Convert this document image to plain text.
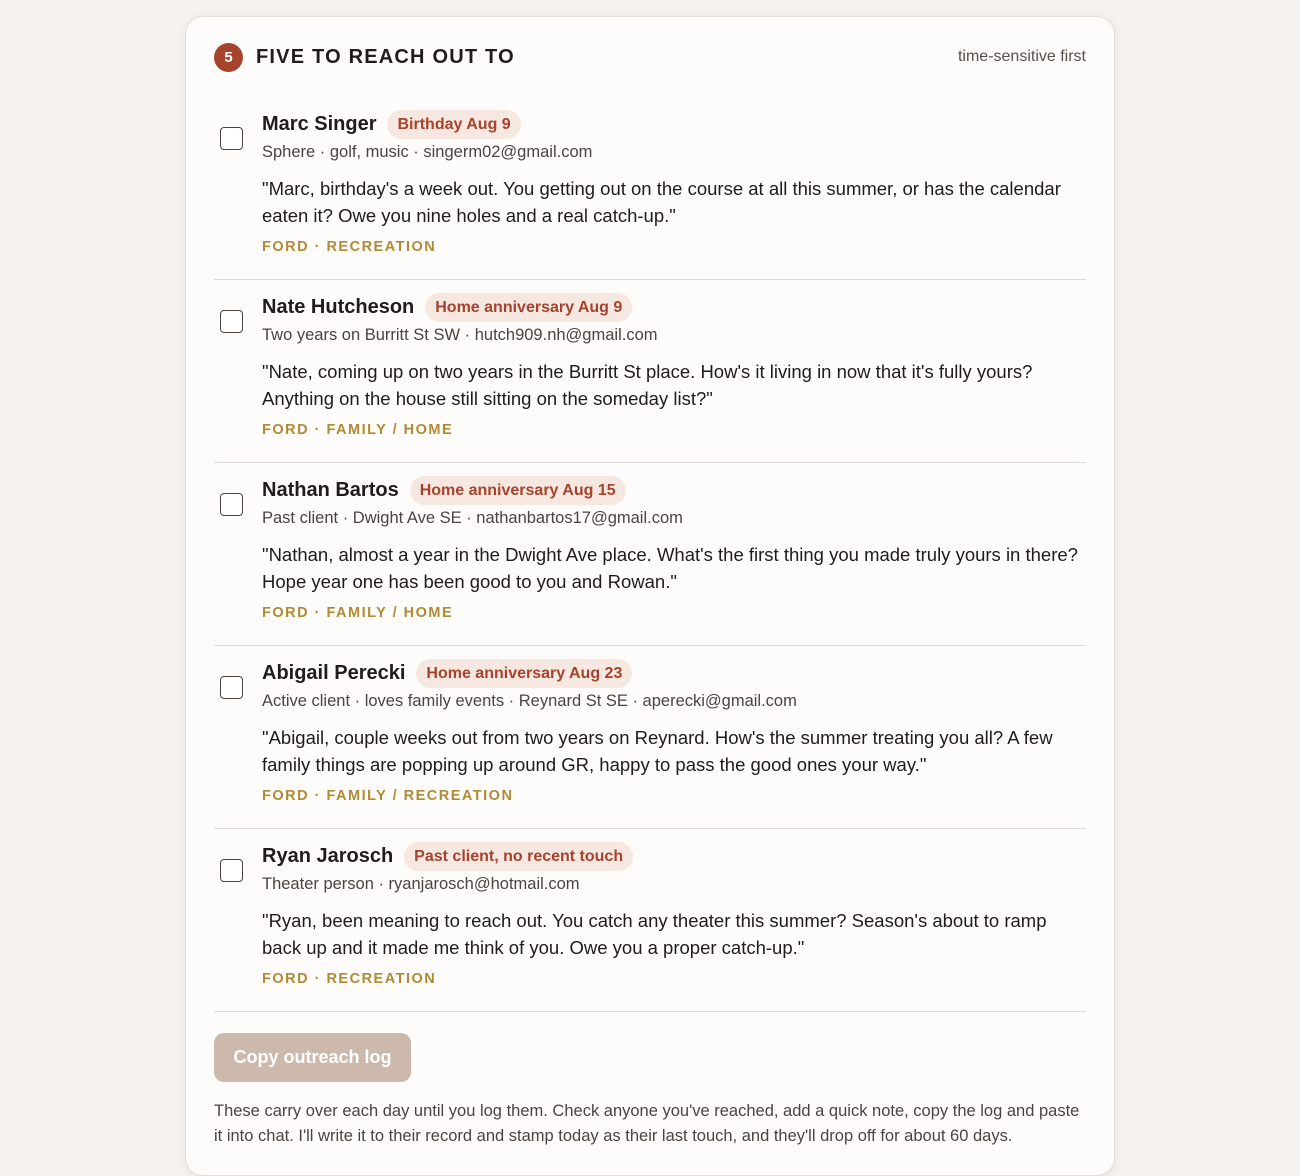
5	FIVE TO REACH OUT TO	time-sensitive first
Marc Singer	Birthday Aug 9
Sphere · golf, music · singerm02@gmail.com

"Marc, birthday's a week out. You getting out on the course at all this summer, or has the calendar eaten it? Owe you nine holes and a real catch-up."

FORD · RECREATION
Nate Hutcheson	Home anniversary Aug 9
Two years on Burritt St SW · hutch909.nh@gmail.com

"Nate, coming up on two years in the Burritt St place. How's it living in now that it's fully yours? Anything on the house still sitting on the someday list?"

FORD · FAMILY / HOME
Nathan Bartos	Home anniversary Aug 15
Past client · Dwight Ave SE · nathanbartos17@gmail.com

"Nathan, almost a year in the Dwight Ave place. What's the first thing you made truly yours in there? Hope year one has been good to you and Rowan."

FORD · FAMILY / HOME
Abigail Perecki	Home anniversary Aug 23
Active client · loves family events · Reynard St SE · aperecki@gmail.com

"Abigail, couple weeks out from two years on Reynard. How's the summer treating you all? A few family things are popping up around GR, happy to pass the good ones your way."

FORD · FAMILY / RECREATION
Ryan Jarosch	Past client, no recent touch
Theater person · ryanjarosch@hotmail.com

"Ryan, been meaning to reach out. You catch any theater this summer? Season's about to ramp back up and it made me think of you. Owe you a proper catch-up."

FORD · RECREATION
Copy outreach log

These carry over each day until you log them. Check anyone you've reached, add a quick note, copy the log and paste it into chat. I'll write it to their record and stamp today as their last touch, and they'll drop off for about 60 days.
